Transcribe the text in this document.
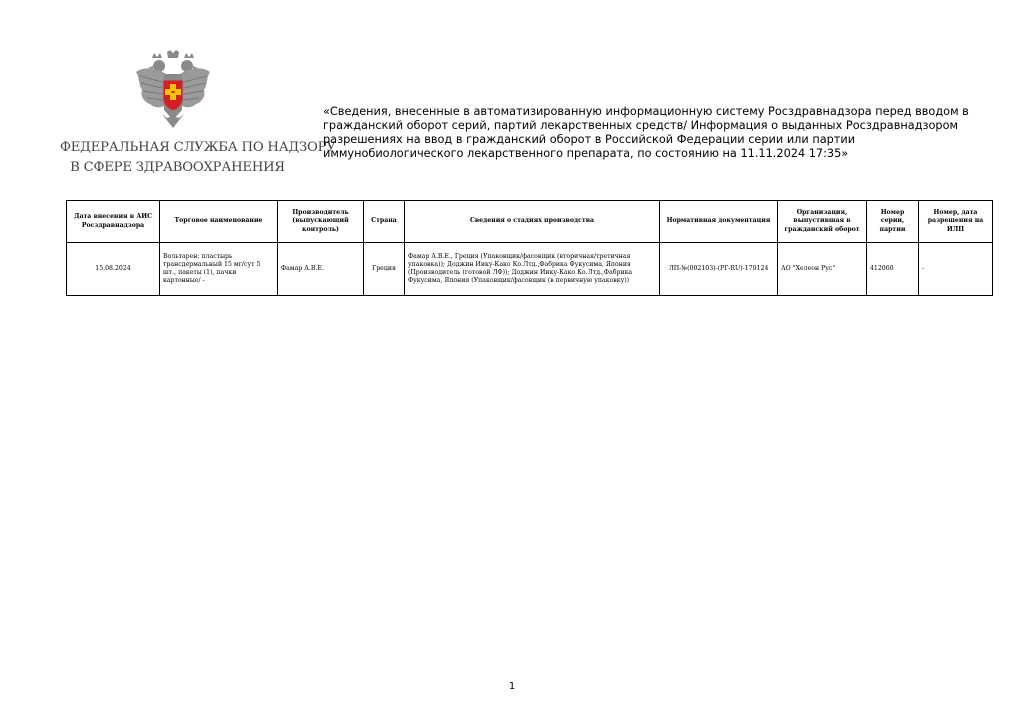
ФЕДЕРАЛЬНАЯ СЛУЖБА ПО НАДЗОРУ
В СФЕРЕ ЗДРАВООХРАНЕНИЯ
«Сведения, внесенные в автоматизированную информационную систему Росздравнадзора перед вводом в гражданский оборот серий, партий лекарственных средств/ Информация о выданных Росздравнадзором разрешениях на ввод в гражданский оборот в Российской Федерации серии или партии иммунобиологического лекарственного препарата, по состоянию на 11.11.2024 17:35»
Дата внесения в АИС Росздравнадзора	Торговое наименование	Производитель (выпускающий контроль)	Страна	Сведения о стадиях производства	Нормативная документация	Организация, выпустившая в гражданский оборот	Номер серии, партии	Номер, дата разрешения на ИЛП
15.08.2024	Вольтарен; пластырь трансдермальный 15 мг/сут 5 шт., пакеты (1), пачки картонные/ -	Фамар А.В.Е.	Греция	Фамар А.В.Е., Греция (Упаковщик/фасовщик (вторичная/третичная упаковка)); Доджин Иику-Како Ко.Лтд.,Фабрика Фукусима, Япония (Производитель (готовой ЛФ)); Доджин Иику-Како Ко.Лтд.,Фабрика Фукусима, Япония (Упаковщик/фасовщик (в первичную упаковку))	ЛП-№(002103)-(РГ-RU)-170124	АО "Хелеон Рус"	412060	-
1
